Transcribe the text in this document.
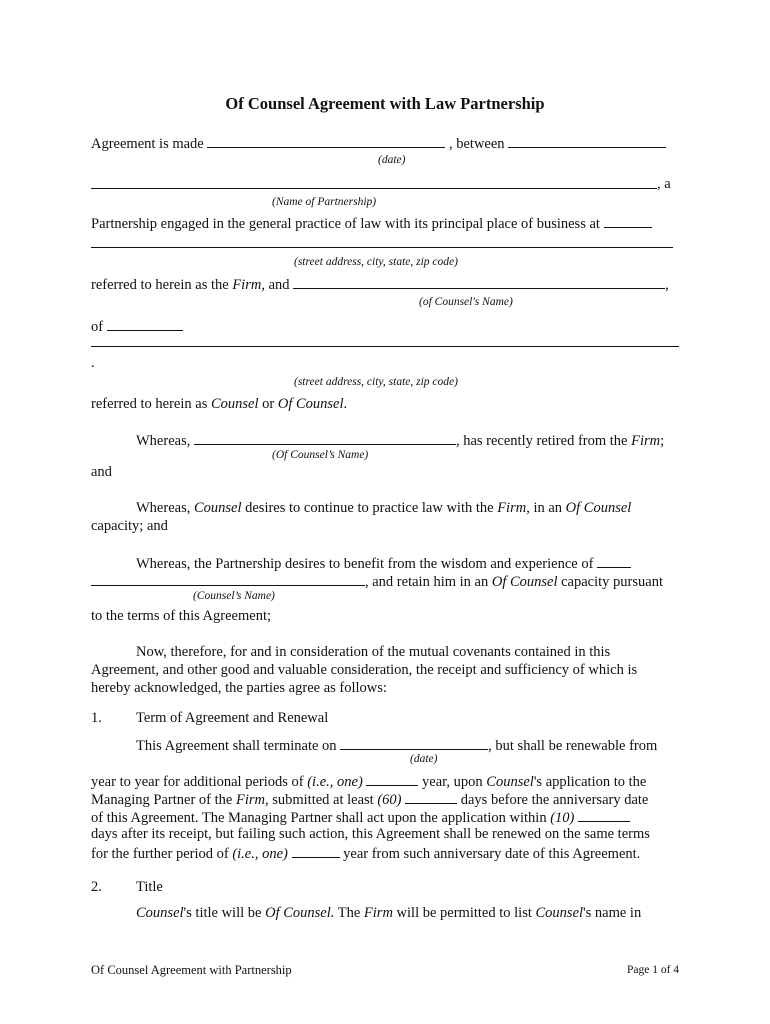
Of Counsel Agreement with Law Partnership
Agreement is made	, between
(date)
, a
(Name of Partnership)
Partnership engaged in the general practice of law with its principal place of business at
(street address, city, state, zip code)
referred to herein as the Firm, and	,
(of Counsel's Name)
of
.
(street address, city, state, zip code)
referred to herein as Counsel or Of Counsel.
Whereas,	, has recently retired from the Firm;
(Of Counsel’s Name)
and
Whereas, Counsel desires to continue to practice law with the Firm, in an Of Counsel
capacity; and
Whereas, the Partnership desires to benefit from the wisdom and experience of
, and retain him in an Of Counsel capacity pursuant
(Counsel’s Name)
to the terms of this Agreement;
Now, therefore, for and in consideration of the mutual covenants contained in this
Agreement, and other good and valuable consideration, the receipt and sufficiency of which is
hereby acknowledged, the parties agree as follows:
1. Term of Agreement and Renewal
This Agreement shall terminate on	, but shall be renewable from
(date)
year to year for additional periods of (i.e., one)	year, upon Counsel's application to the
Managing Partner of the Firm, submitted at least (60)	days before the anniversary date
of this Agreement. The Managing Partner shall act upon the application within (10)
days after its receipt, but failing such action, this Agreement shall be renewed on the same terms
for the further period of (i.e., one)	year from such anniversary date of this Agreement.
2. Title
Counsel's title will be Of Counsel. The Firm will be permitted to list Counsel's name in
Of Counsel Agreement with Partnership	Page 1 of 4
